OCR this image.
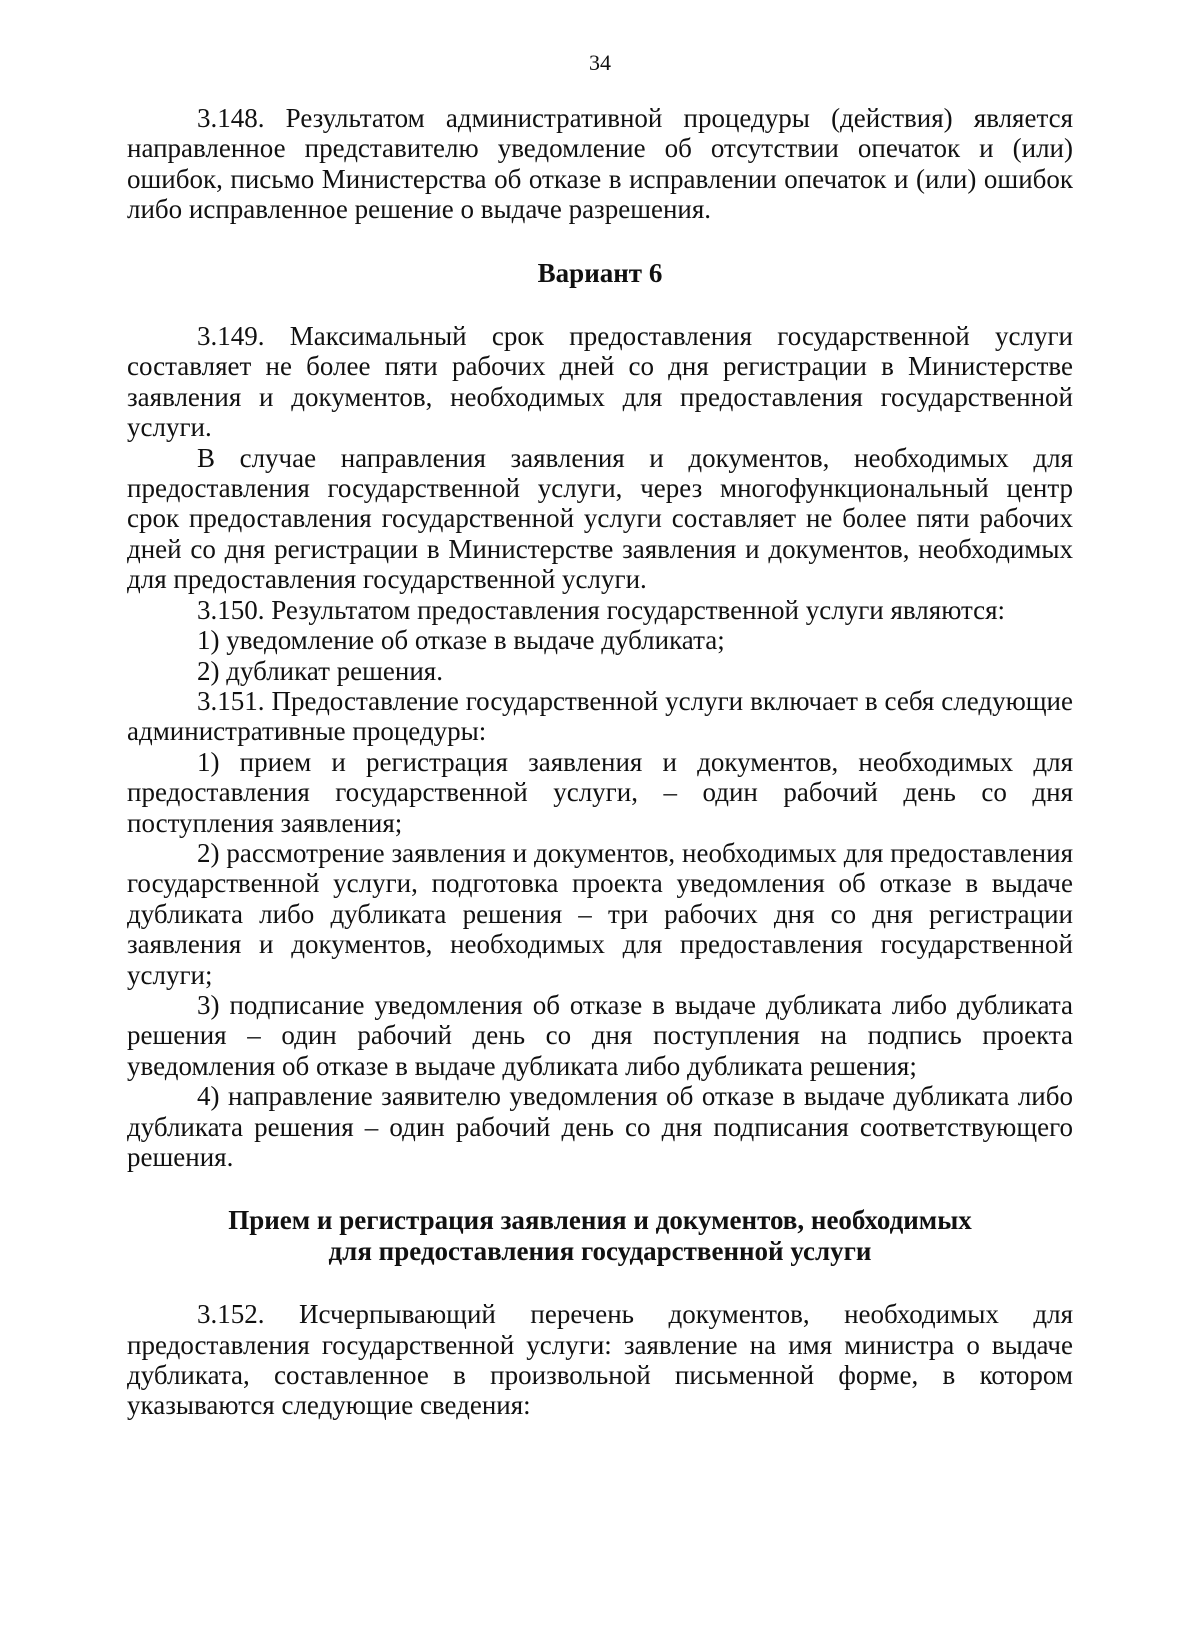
34

3.148. Результатом административной процедуры (действия) является направленное представителю уведомление об отсутствии опечаток и (или) ошибок, письмо Министерства об отказе в исправлении опечаток и (или) ошибок либо исправленное решение о выдаче разрешения.

Вариант 6

3.149. Максимальный срок предоставления государственной услуги составляет не более пяти рабочих дней со дня регистрации в Министерстве заявления и документов, необходимых для предоставления государственной услуги.

В случае направления заявления и документов, необходимых для предоставления государственной услуги, через многофункциональный центр срок предоставления государственной услуги составляет не более пяти рабочих дней со дня регистрации в Министерстве заявления и документов, необходимых для предоставления государственной услуги.

3.150. Результатом предоставления государственной услуги являются:

1) уведомление об отказе в выдаче дубликата;

2) дубликат решения.

3.151. Предоставление государственной услуги включает в себя следующие административные процедуры:

1) прием и регистрация заявления и документов, необходимых для предоставления государственной услуги, – один рабочий день со дня поступления заявления;

2) рассмотрение заявления и документов, необходимых для предоставления государственной услуги, подготовка проекта уведомления об отказе в выдаче дубликата либо дубликата решения – три рабочих дня со дня регистрации заявления и документов, необходимых для предоставления государственной услуги;

3) подписание уведомления об отказе в выдаче дубликата либо дубликата решения – один рабочий день со дня поступления на подпись проекта уведомления об отказе в выдаче дубликата либо дубликата решения;

4) направление заявителю уведомления об отказе в выдаче дубликата либо дубликата решения – один рабочий день со дня подписания соответствующего решения.

Прием и регистрация заявления и документов, необходимых
для предоставления государственной услуги

3.152. Исчерпывающий перечень документов, необходимых для предоставления государственной услуги: заявление на имя министра о выдаче дубликата, составленное в произвольной письменной форме, в котором указываются следующие сведения:
